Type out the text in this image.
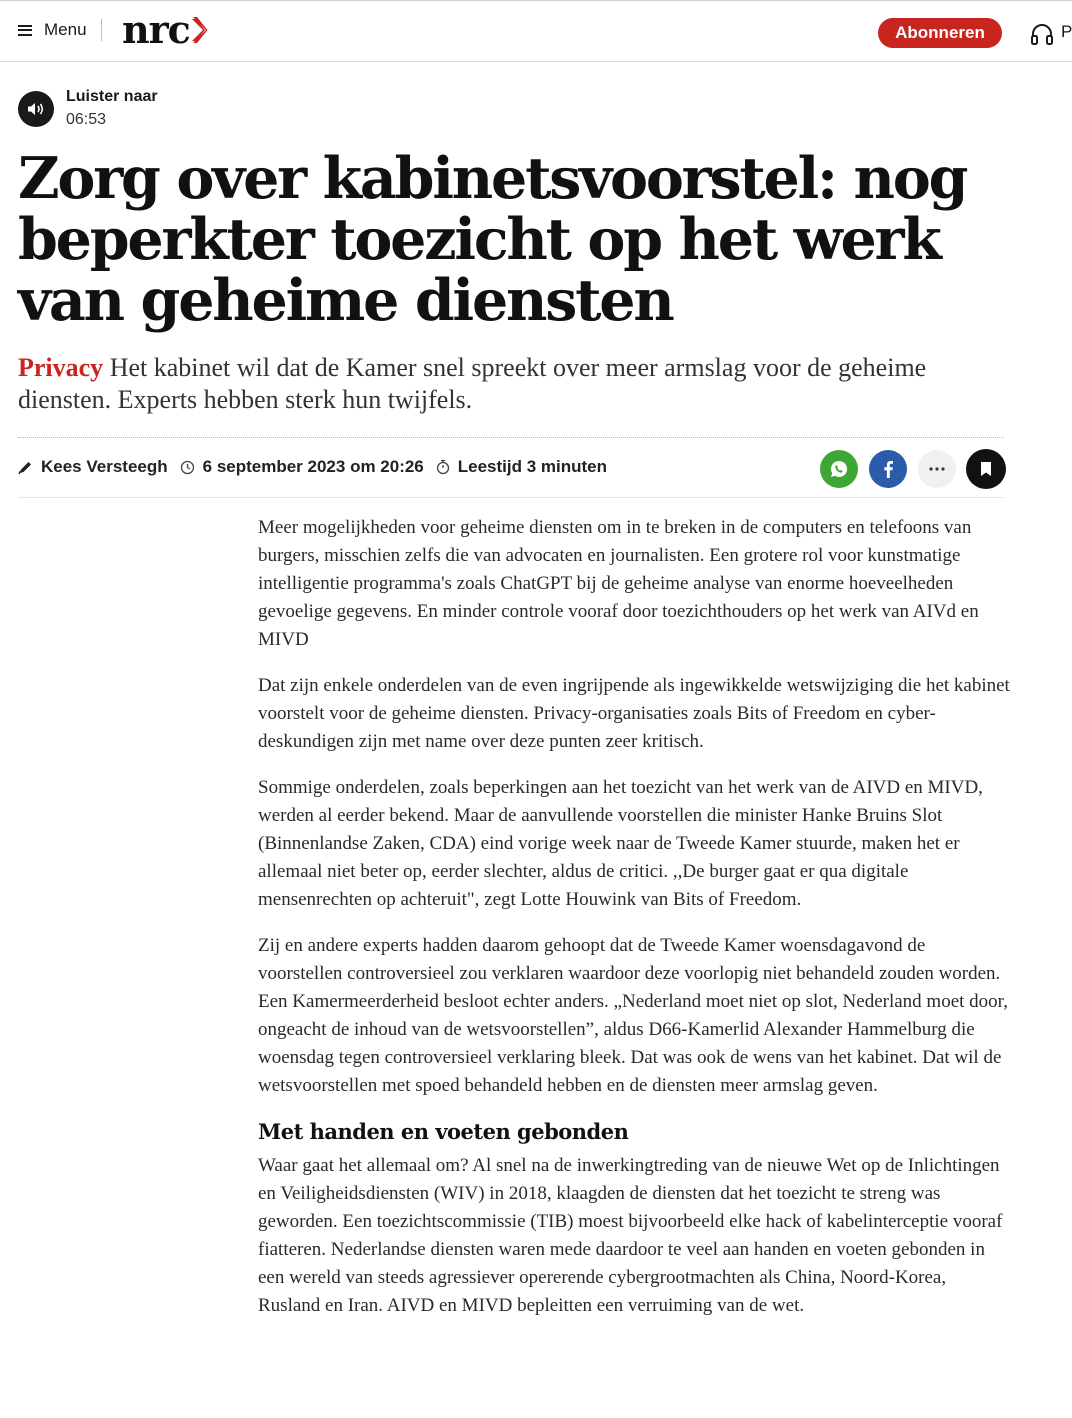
Menu nrc	Abonneren	P
Luister naar
06:53
Zorg over kabinetsvoorstel: nog beperkter toezicht op het werk van geheime diensten

Privacy Het kabinet wil dat de Kamer snel spreekt over meer armslag voor de geheime diensten. Experts hebben sterk hun twijfels.

Kees Versteegh 6 september 2023 om 20:26 Leestijd 3 minuten

Meer mogelijkheden voor geheime diensten om in te breken in de computers en telefoons van burgers, misschien zelfs die van advocaten en journalisten. Een grotere rol voor kunstmatige intelligentie programma's zoals ChatGPT bij de geheime analyse van enorme hoeveelheden gevoelige gegevens. En minder controle vooraf door toezichthouders op het werk van AIVd en MIVD

Dat zijn enkele onderdelen van de even ingrijpende als ingewikkelde wetswijziging die het kabinet voorstelt voor de geheime diensten. Privacy-organisaties zoals Bits of Freedom en cyber-deskundigen zijn met name over deze punten zeer kritisch.

Sommige onderdelen, zoals beperkingen aan het toezicht van het werk van de AIVD en MIVD, werden al eerder bekend. Maar de aanvullende voorstellen die minister Hanke Bruins Slot (Binnenlandse Zaken, CDA) eind vorige week naar de Tweede Kamer stuurde, maken het er allemaal niet beter op, eerder slechter, aldus de critici. ,,De burger gaat er qua digitale mensenrechten op achteruit", zegt Lotte Houwink van Bits of Freedom.

Zij en andere experts hadden daarom gehoopt dat de Tweede Kamer woensdagavond de voorstellen controversieel zou verklaren waardoor deze voorlopig niet behandeld zouden worden. Een Kamermeerderheid besloot echter anders. „Nederland moet niet op slot, Nederland moet door, ongeacht de inhoud van de wetsvoorstellen”, aldus D66-Kamerlid Alexander Hammelburg die woensdag tegen controversieel verklaring bleek. Dat was ook de wens van het kabinet. Dat wil de wetsvoorstellen met spoed behandeld hebben en de diensten meer armslag geven.

Met handen en voeten gebonden

Waar gaat het allemaal om? Al snel na de inwerkingtreding van de nieuwe Wet op de Inlichtingen en Veiligheidsdiensten (WIV) in 2018, klaagden de diensten dat het toezicht te streng was geworden. Een toezichtscommissie (TIB) moest bijvoorbeeld elke hack of kabelinterceptie vooraf fiatteren. Nederlandse diensten waren mede daardoor te veel aan handen en voeten gebonden in een wereld van steeds agressiever opererende cybergrootmachten als China, Noord-Korea, Rusland en Iran. AIVD en MIVD bepleitten een verruiming van de wet.
